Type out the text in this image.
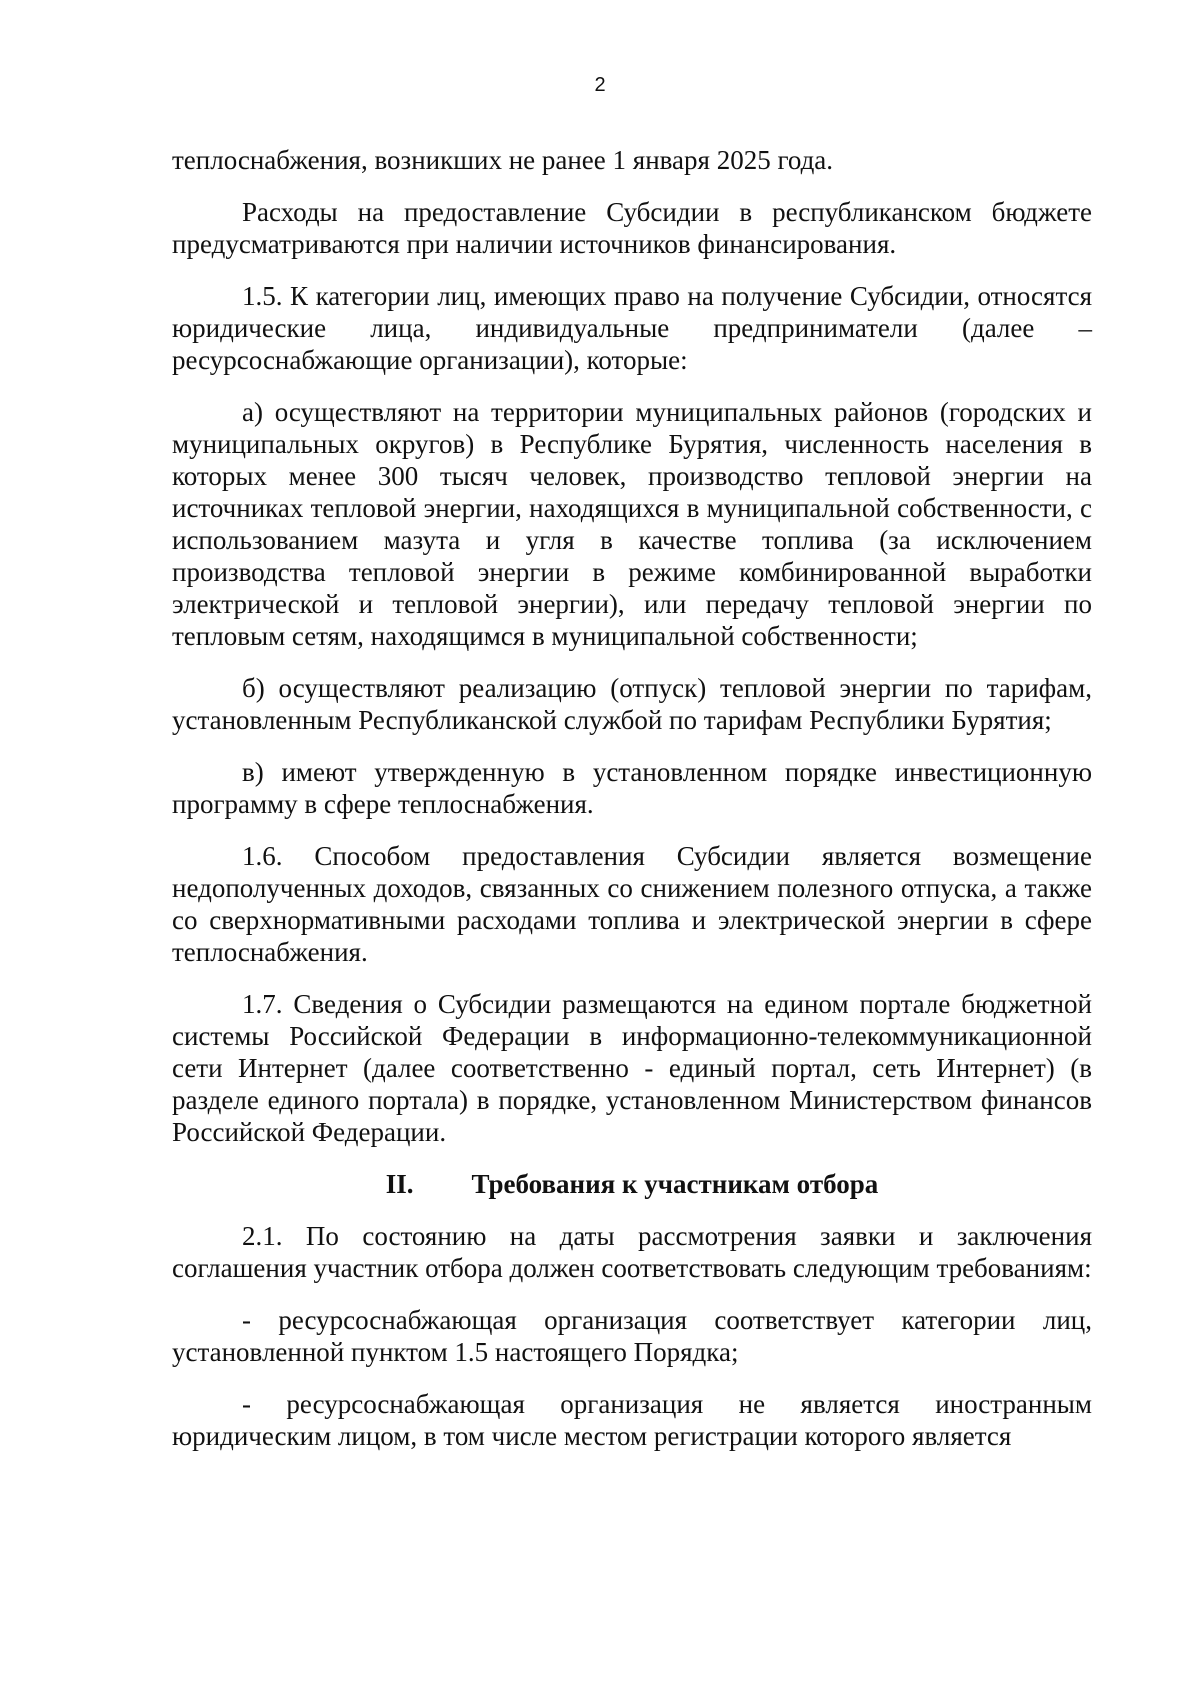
2

теплоснабжения, возникших не ранее 1 января 2025 года.

Расходы на предоставление Субсидии в республиканском бюджете предусматриваются при наличии источников финансирования.

1.5. К категории лиц, имеющих право на получение Субсидии, относятся юридические лица, индивидуальные предприниматели (далее – ресурсоснабжающие организации), которые:

а) осуществляют на территории муниципальных районов (городских и муниципальных округов) в Республике Бурятия, численность населения в которых менее 300 тысяч человек, производство тепловой энергии на источниках тепловой энергии, находящихся в муниципальной собственности, с использованием мазута и угля в качестве топлива (за исключением производства тепловой энергии в режиме комбинированной выработки электрической и тепловой энергии), или передачу тепловой энергии по тепловым сетям, находящимся в муниципальной собственности;

б) осуществляют реализацию (отпуск) тепловой энергии по тарифам, установленным Республиканской службой по тарифам Республики Бурятия;

в) имеют утвержденную в установленном порядке инвестиционную программу в сфере теплоснабжения.

1.6. Способом предоставления Субсидии является возмещение недополученных доходов, связанных со снижением полезного отпуска, а также со сверхнормативными расходами топлива и электрической энергии в сфере теплоснабжения.

1.7. Сведения о Субсидии размещаются на едином портале бюджетной системы Российской Федерации в информационно-телекоммуникационной сети Интернет (далее соответственно - единый портал, сеть Интернет) (в разделе единого портала) в порядке, установленном Министерством финансов Российской Федерации.

II. Требования к участникам отбора

2.1. По состоянию на даты рассмотрения заявки и заключения соглашения участник отбора должен соответствовать следующим требованиям:

- ресурсоснабжающая организация соответствует категории лиц, установленной пунктом 1.5 настоящего Порядка;

- ресурсоснабжающая организация не является иностранным юридическим лицом, в том числе местом регистрации которого является
